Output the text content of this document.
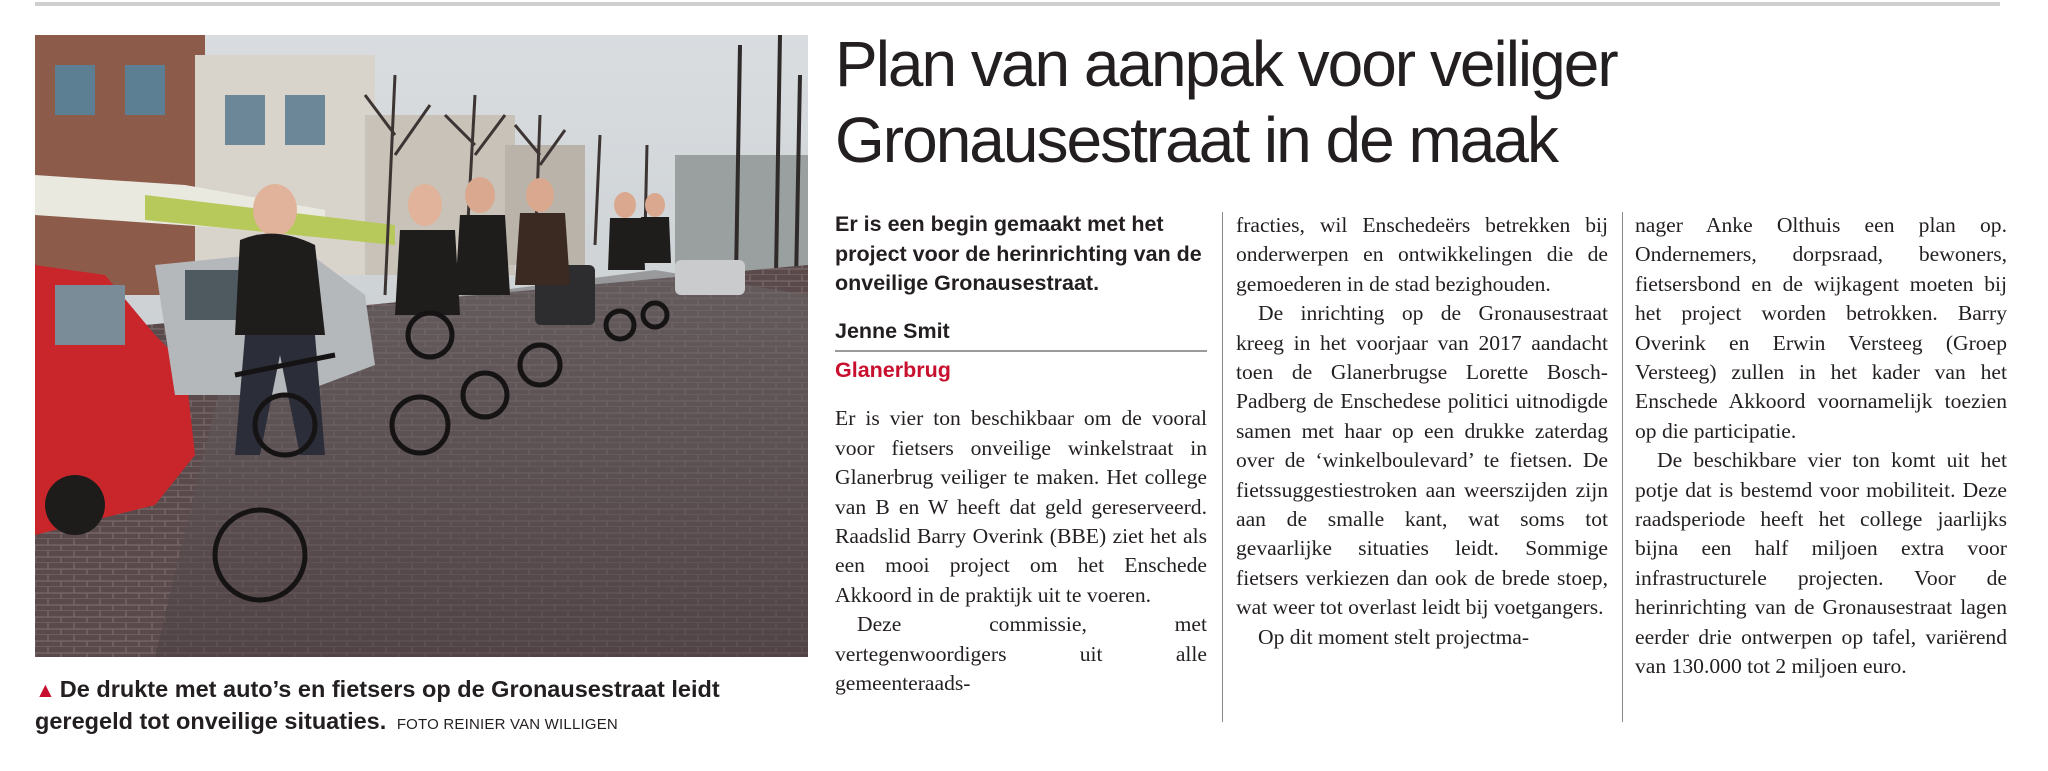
▲ De drukte met auto’s en fietsers op de Gronausestraat leidt geregeld tot onveilige situaties. FOTO REINIER VAN WILLIGEN
Plan van aanpak voor veiliger Gronausestraat in de maak

Er is een begin gemaakt met het project voor de herinrichting van de onveilige Gronausestraat.

Jenne Smit
Glanerbrug

Er is vier ton beschikbaar om de vooral voor fietsers onveilige winkelstraat in Glanerbrug veiliger te maken. Het college van B en W heeft dat geld gereserveerd. Raadslid Barry Overink (BBE) ziet het als een mooi project om het Enschede Akkoord in de praktijk uit te voeren.

Deze commissie, met vertegenwoordigers uit alle gemeenteraads-

fracties, wil Enschedeërs betrekken bij onderwerpen en ontwikkelingen die de gemoederen in de stad bezighouden.

De inrichting op de Gronausestraat kreeg in het voorjaar van 2017 aandacht toen de Glanerbrugse Lorette Bosch-Padberg de Enschedese politici uitnodigde samen met haar op een drukke zaterdag over de ‘winkelboulevard’ te fietsen. De fietssuggestiestroken aan weerszijden zijn aan de smalle kant, wat soms tot gevaarlijke situaties leidt. Sommige fietsers verkiezen dan ook de brede stoep, wat weer tot overlast leidt bij voetgangers.

Op dit moment stelt projectma-

nager Anke Olthuis een plan op. Ondernemers, dorpsraad, bewoners, fietsersbond en de wijkagent moeten bij het project worden betrokken. Barry Overink en Erwin Versteeg (Groep Versteeg) zullen in het kader van het Enschede Akkoord voornamelijk toezien op die participatie.

De beschikbare vier ton komt uit het potje dat is bestemd voor mobiliteit. Deze raadsperiode heeft het college jaarlijks bijna een half miljoen extra voor infrastructurele projecten. Voor de herinrichting van de Gronausestraat lagen eerder drie ontwerpen op tafel, variërend van 130.000 tot 2 miljoen euro.
